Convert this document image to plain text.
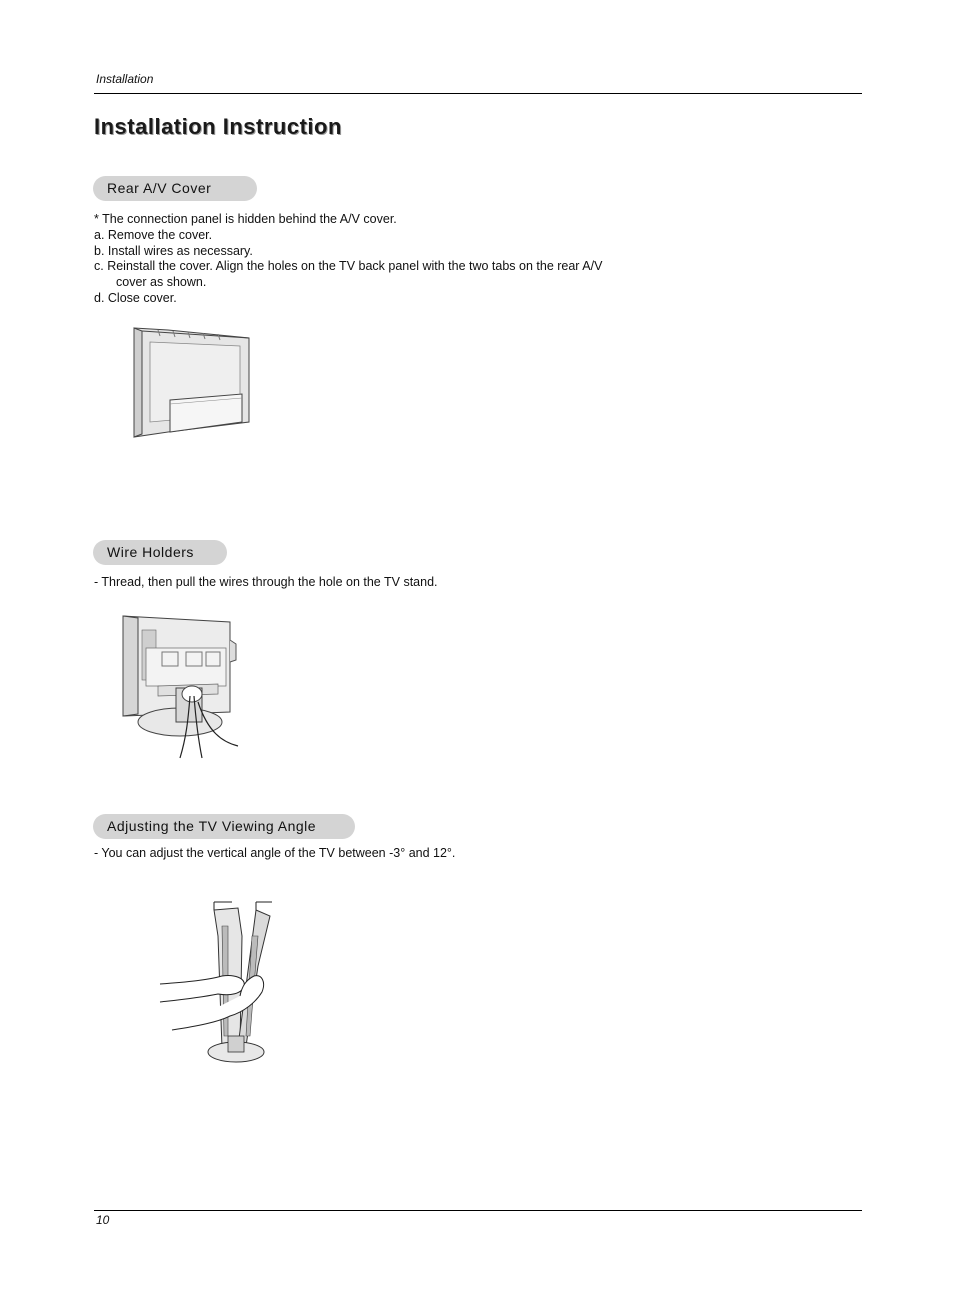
Installation
Installation Instruction
Rear A/V Cover
* The connection panel is hidden behind the A/V cover.
a. Remove the cover.
b. Install wires as necessary.
c. Reinstall the cover. Align the holes on the TV back panel with the two tabs on the rear A/V
cover as shown.
d. Close cover.
Wire Holders
- Thread, then pull the wires through the hole on the TV stand.
Adjusting the TV Viewing Angle
- You can adjust the vertical angle of the TV between -3° and 12°.
10
